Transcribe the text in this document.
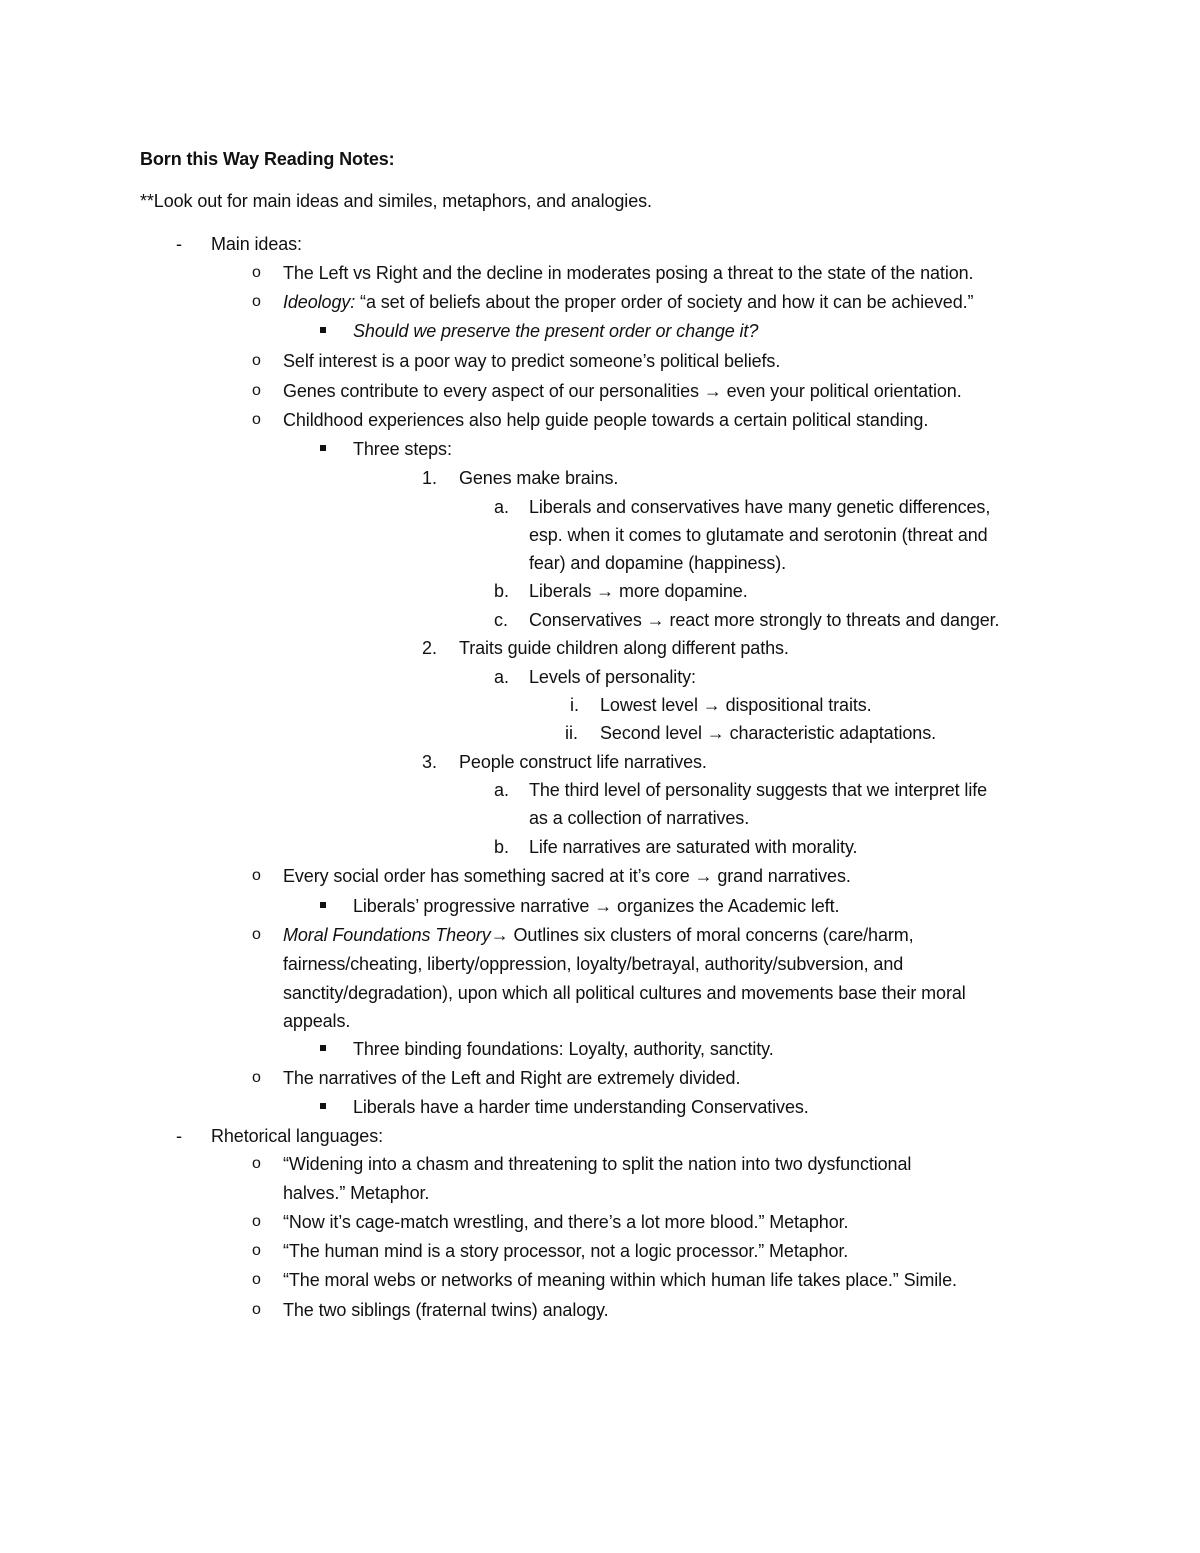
Born this Way Reading Notes:
**Look out for main ideas and similes, metaphors, and analogies.
- Main ideas:
o The Left vs Right and the decline in moderates posing a threat to the state of the nation.
o Ideology: “a set of beliefs about the proper order of society and how it can be achieved.”
Should we preserve the present order or change it?
o Self interest is a poor way to predict someone’s political beliefs.
o Genes contribute to every aspect of our personalities → even your political orientation.
o Childhood experiences also help guide people towards a certain political standing.
Three steps:
1. Genes make brains.
a. Liberals and conservatives have many genetic differences,
esp. when it comes to glutamate and serotonin (threat and
fear) and dopamine (happiness).
b. Liberals → more dopamine.
c. Conservatives → react more strongly to threats and danger.
2. Traits guide children along different paths.
a. Levels of personality:
i. Lowest level → dispositional traits.
ii. Second level → characteristic adaptations.
3. People construct life narratives.
a. The third level of personality suggests that we interpret life
as a collection of narratives.
b. Life narratives are saturated with morality.
o Every social order has something sacred at it’s core → grand narratives.
Liberals’ progressive narrative → organizes the Academic left.
o Moral Foundations Theory→ Outlines six clusters of moral concerns (care/harm,
fairness/cheating, liberty/oppression, loyalty/betrayal, authority/subversion, and
sanctity/degradation), upon which all political cultures and movements base their moral
appeals.
Three binding foundations: Loyalty, authority, sanctity.
o The narratives of the Left and Right are extremely divided.
Liberals have a harder time understanding Conservatives.
- Rhetorical languages:
o “Widening into a chasm and threatening to split the nation into two dysfunctional
halves.” Metaphor.
o “Now it’s cage-match wrestling, and there’s a lot more blood.” Metaphor.
o “The human mind is a story processor, not a logic processor.” Metaphor.
o “The moral webs or networks of meaning within which human life takes place.” Simile.
o The two siblings (fraternal twins) analogy.
